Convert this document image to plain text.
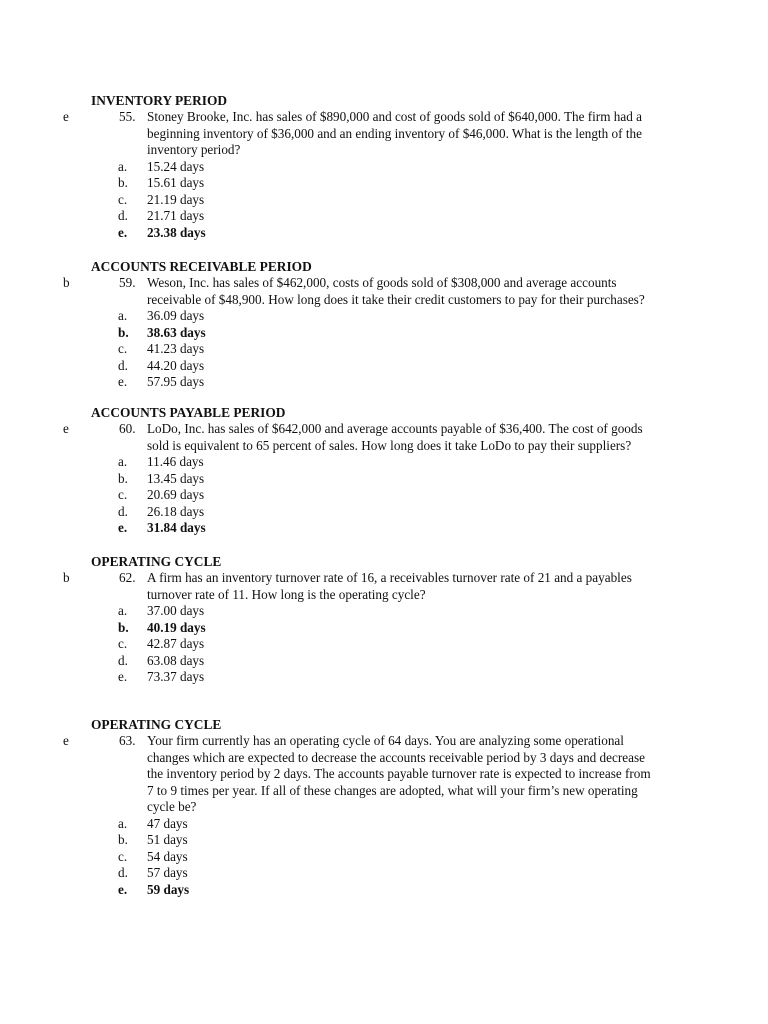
INVENTORY PERIOD
e	55. Stoney Brooke, Inc. has sales of $890,000 and cost of goods sold of $640,000. The firm had a
beginning inventory of $36,000 and an ending inventory of $46,000. What is the length of the
inventory period?
a. 15.24 days
b. 15.61 days
c. 21.19 days
d. 21.71 days
e. 23.38 days
ACCOUNTS RECEIVABLE PERIOD
b	59. Weson, Inc. has sales of $462,000, costs of goods sold of $308,000 and average accounts
receivable of $48,900. How long does it take their credit customers to pay for their purchases?
a. 36.09 days
b. 38.63 days
c. 41.23 days
d. 44.20 days
e. 57.95 days
ACCOUNTS PAYABLE PERIOD
e	60. LoDo, Inc. has sales of $642,000 and average accounts payable of $36,400. The cost of goods
sold is equivalent to 65 percent of sales. How long does it take LoDo to pay their suppliers?
a. 11.46 days
b. 13.45 days
c. 20.69 days
d. 26.18 days
e. 31.84 days
OPERATING CYCLE
b	62. A firm has an inventory turnover rate of 16, a receivables turnover rate of 21 and a payables
turnover rate of 11. How long is the operating cycle?
a. 37.00 days
b. 40.19 days
c. 42.87 days
d. 63.08 days
e. 73.37 days
OPERATING CYCLE
e	63. Your firm currently has an operating cycle of 64 days. You are analyzing some operational
changes which are expected to decrease the accounts receivable period by 3 days and decrease
the inventory period by 2 days. The accounts payable turnover rate is expected to increase from
7 to 9 times per year. If all of these changes are adopted, what will your firm’s new operating
cycle be?
a. 47 days
b. 51 days
c. 54 days
d. 57 days
e. 59 days
